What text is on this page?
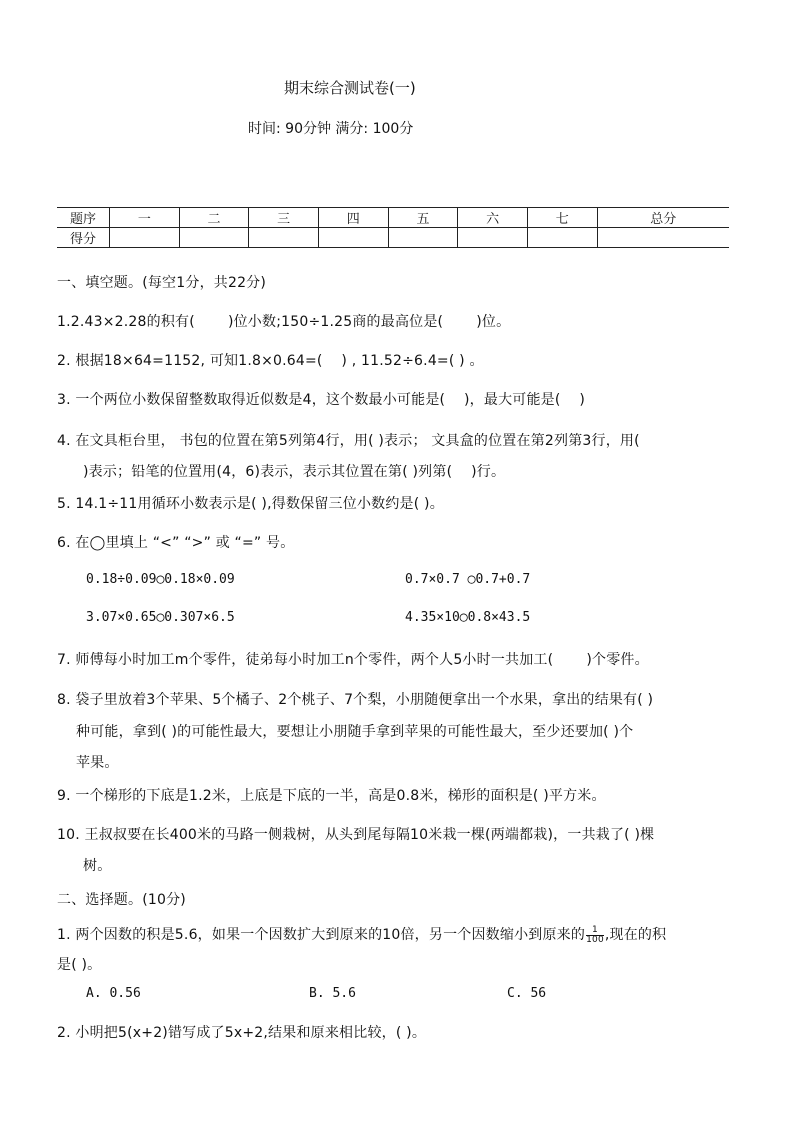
期末综合测试卷(一)
时间: 90分钟 满分: 100分
题序	一	二	三	四	五	六	七	总分
得分								
一、填空题。(每空1分，共22分)
1.2.43×2.28的积有(　　 )位小数;150÷1.25商的最高位是(　　 )位。
2. 根据18×64=1152, 可知1.8×0.64=(　 ) , 11.52÷6.4=( ) 。
3. 一个两位小数保留整数取得近似数是4，这个数最小可能是(　 )，最大可能是(　 )
4. 在文具柜台里， 书包的位置在第5列第4行，用( )表示； 文具盒的位置在第2列第3行，用(
)表示；铅笔的位置用(4，6)表示，表示其位置在第( )列第(　 )行。
5. 14.1÷11用循环小数表示是( ),得数保留三位小数约是( )。
6. 在◯里填上 “<” “>” 或 “=” 号。
0.18÷0.09◯0.18×0.09	0.7×0.7 ◯0.7+0.7
3.07×0.65◯0.307×6.5	4.35×10◯0.8×43.5
7. 师傅每小时加工m个零件，徒弟每小时加工n个零件，两个人5小时一共加工(　　 )个零件。
8. 袋子里放着3个苹果、5个橘子、2个桃子、7个梨，小朋随便拿出一个水果，拿出的结果有( )
种可能，拿到( )的可能性最大，要想让小朋随手拿到苹果的可能性最大，至少还要加( )个
苹果。
9. 一个梯形的下底是1.2米，上底是下底的一半，高是0.8米，梯形的面积是( )平方米。
10. 王叔叔要在长400米的马路一侧栽树，从头到尾每隔10米栽一棵(两端都栽)，一共栽了( )棵
树。
二、选择题。(10分)
1. 两个因数的积是5.6，如果一个因数扩大到原来的10倍，另一个因数缩小到原来的 $\frac{1}{100}$ ,现在的积
是( )。
A. 0.56	B. 5.6	C. 56
2. 小明把5(x+2)错写成了5x+2,结果和原来相比较，( )。
